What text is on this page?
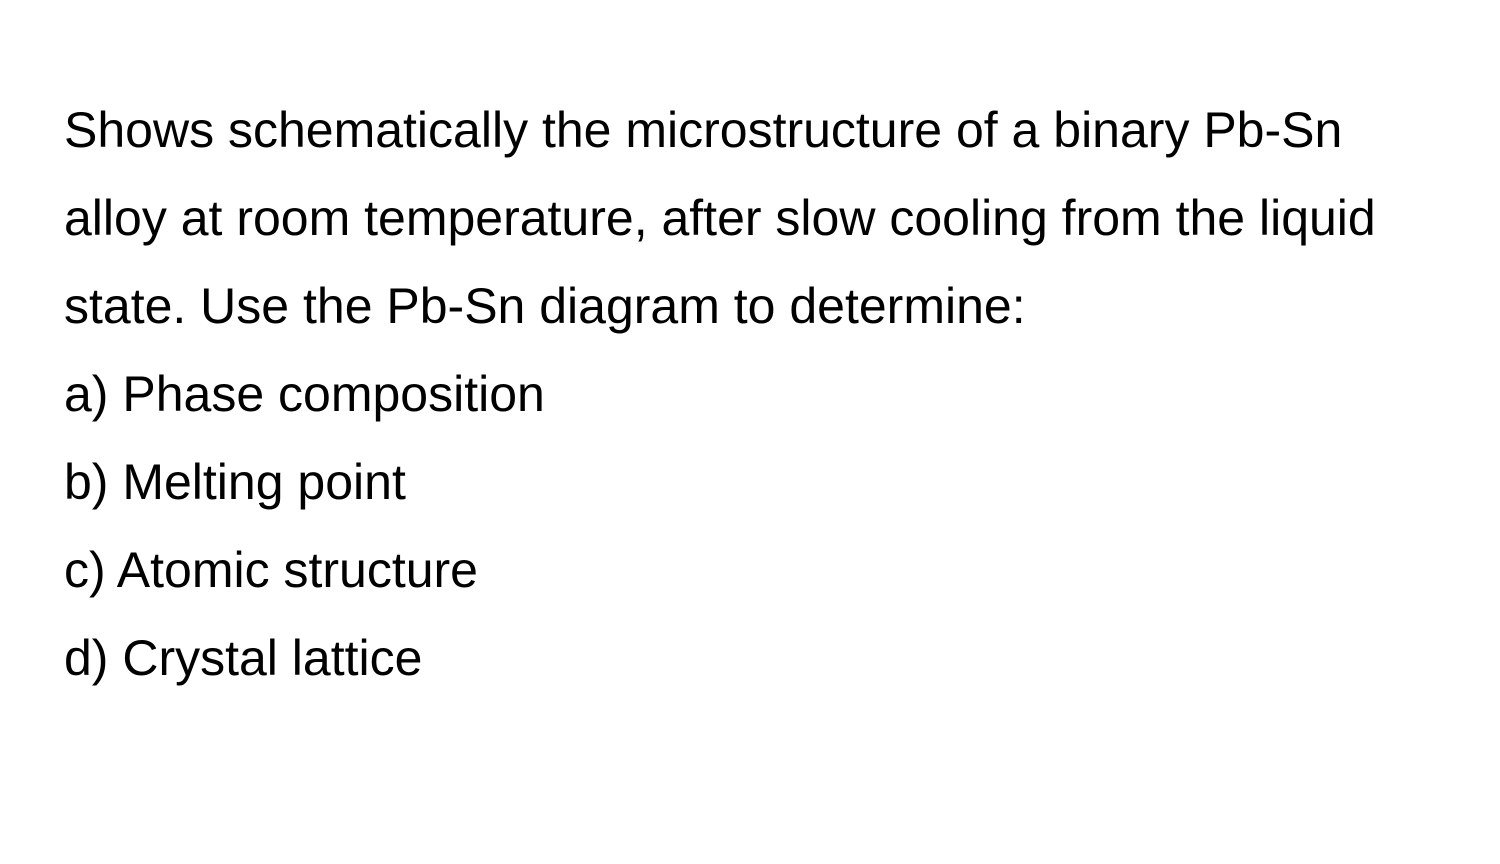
Shows schematically the microstructure of a binary Pb-Sn alloy at room temperature, after slow cooling from the liquid state. Use the Pb-Sn diagram to determine:

a) Phase composition
b) Melting point
c) Atomic structure
d) Crystal lattice
